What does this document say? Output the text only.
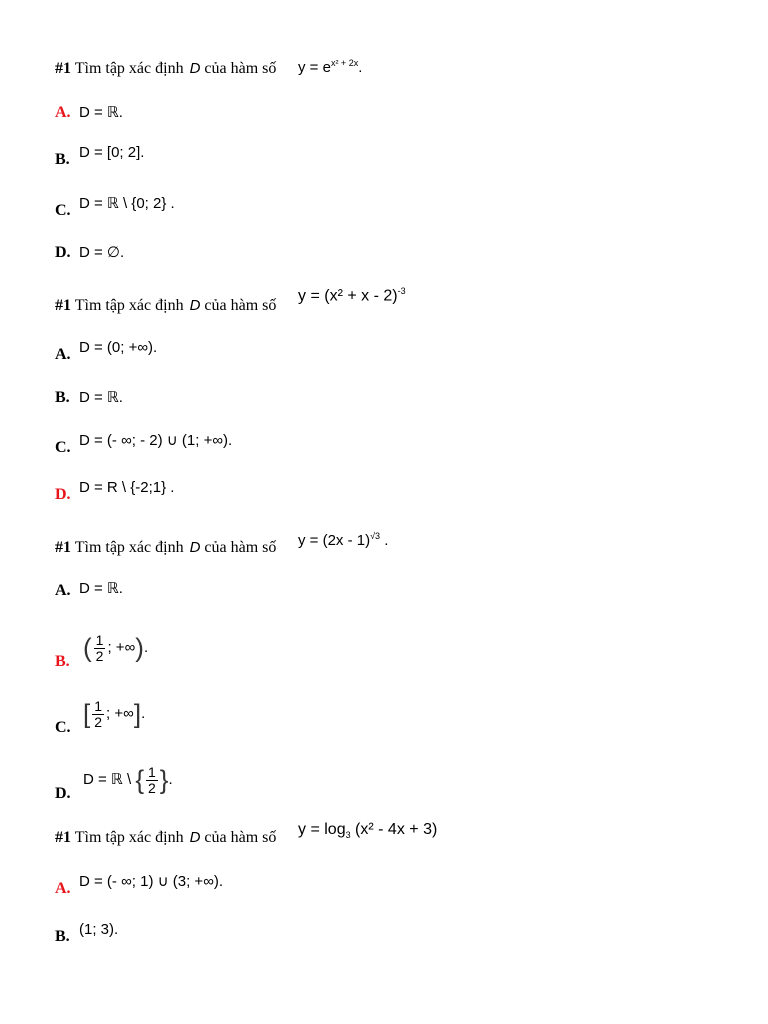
#1 Tìm tập xác định D của hàm số $y = e^{x^2 + 2x}$.
A. D = ℝ.
B. D = [0; 2].
C. D = ℝ \ {0; 2} .
D. D = ∅.
#1 Tìm tập xác định D của hàm số
$y = (x^2 + x - 2)^{-3}$
A. D = (0; +∞).
B. D = ℝ.
C. D = (- ∞; - 2) ∪ (1; +∞).
D. D = R \ {-2;1} .
#1 Tìm tập xác định D của hàm số y = (2x - 1)$^{√3}$ .
A. D = ℝ.
B. ( $\frac{1}{2}$ ; +∞).
C. [ $\frac{1}{2}$ ; +∞].
D. D = ℝ \ { $\frac{1}{2}$ }.
#1 Tìm tập xác định D của hàm số $y = \log_3 (x^2 - 4x + 3)$
A. D = (- ∞; 1) ∪ (3; +∞).
B. (1; 3).
